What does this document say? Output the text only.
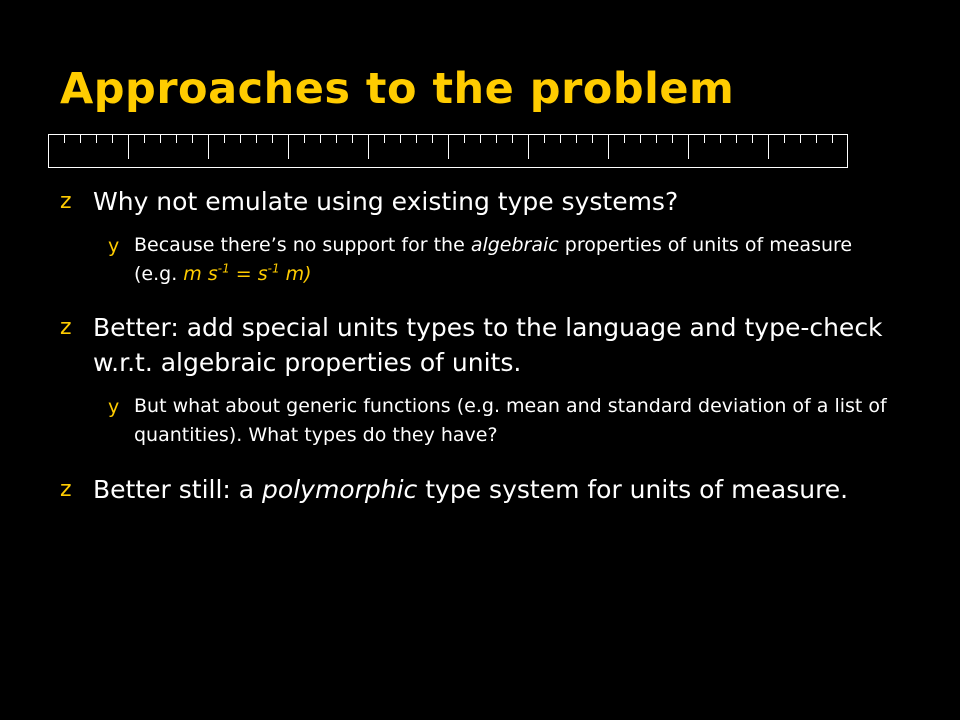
Approaches to the problem
z Why not emulate using existing type systems?
y Because there’s no support for the algebraic properties of units of measure (e.g. m $s^{-1} = s^{-1}$ m)
z Better: add special units types to the language and type-check w.r.t. algebraic properties of units.
y But what about generic functions (e.g. mean and standard deviation of a list of quantities). What types do they have?
z Better still: a polymorphic type system for units of measure.
